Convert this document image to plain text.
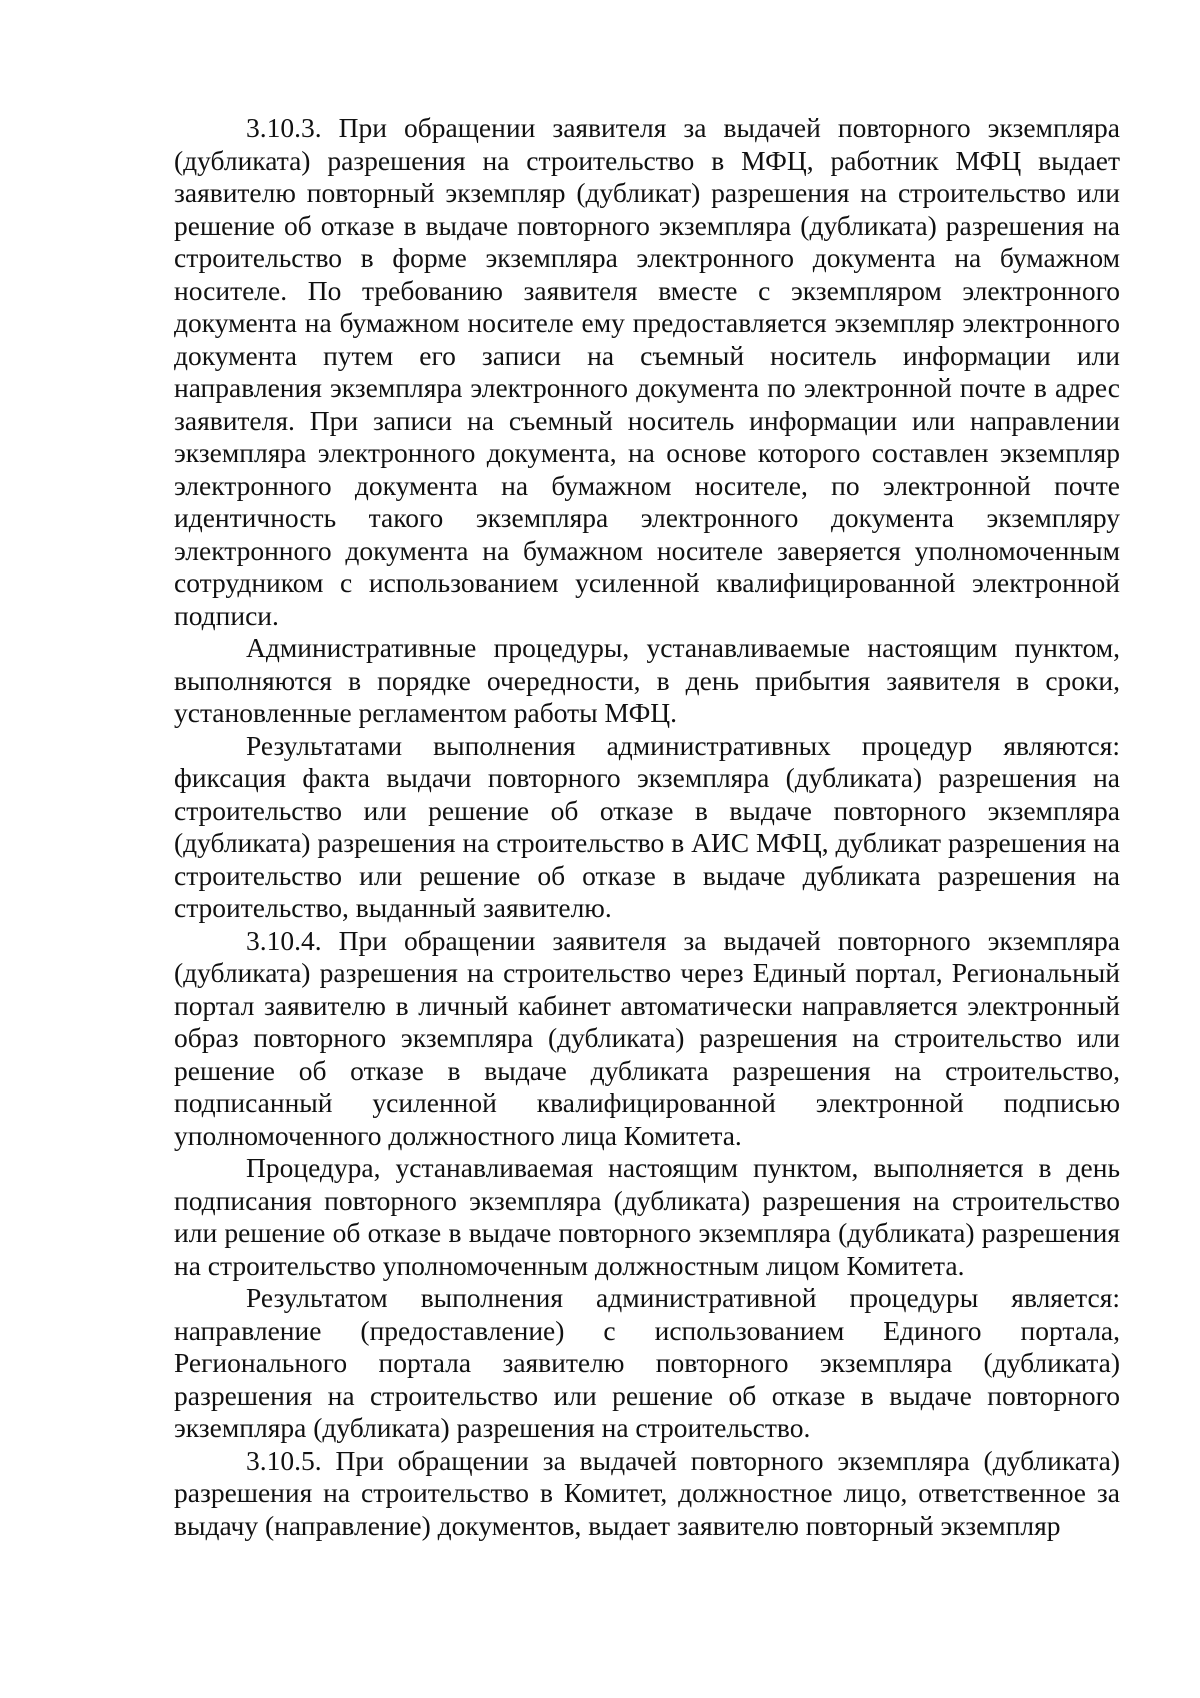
3.10.3. При обращении заявителя за выдачей повторного экземпляра (дубликата) разрешения на строительство в МФЦ, работник МФЦ выдает заявителю повторный экземпляр (дубликат) разрешения на строительство или решение об отказе в выдаче повторного экземпляра (дубликата) разрешения на строительство в форме экземпляра электронного документа на бумажном носителе. По требованию заявителя вместе с экземпляром электронного документа на бумажном носителе ему предоставляется экземпляр электронного документа путем его записи на съемный носитель информации или направления экземпляра электронного документа по электронной почте в адрес заявителя. При записи на съемный носитель информации или направлении экземпляра электронного документа, на основе которого составлен экземпляр электронного документа на бумажном носителе, по электронной почте идентичность такого экземпляра электронного документа экземпляру электронного документа на бумажном носителе заверяется уполномоченным сотрудником с использованием усиленной квалифицированной электронной подписи.

Административные процедуры, устанавливаемые настоящим пунктом, выполняются в порядке очередности, в день прибытия заявителя в сроки, установленные регламентом работы МФЦ.

Результатами выполнения административных процедур являются: фиксация факта выдачи повторного экземпляра (дубликата) разрешения на строительство или решение об отказе в выдаче повторного экземпляра (дубликата) разрешения на строительство в АИС МФЦ, дубликат разрешения на строительство или решение об отказе в выдаче дубликата разрешения на строительство, выданный заявителю.

3.10.4. При обращении заявителя за выдачей повторного экземпляра (дубликата) разрешения на строительство через Единый портал, Региональный портал заявителю в личный кабинет автоматически направляется электронный образ повторного экземпляра (дубликата) разрешения на строительство или решение об отказе в выдаче дубликата разрешения на строительство, подписанный усиленной квалифицированной электронной подписью уполномоченного должностного лица Комитета.

Процедура, устанавливаемая настоящим пунктом, выполняется в день подписания повторного экземпляра (дубликата) разрешения на строительство или решение об отказе в выдаче повторного экземпляра (дубликата) разрешения на строительство уполномоченным должностным лицом Комитета.

Результатом выполнения административной процедуры является: направление (предоставление) с использованием Единого портала, Регионального портала заявителю повторного экземпляра (дубликата) разрешения на строительство или решение об отказе в выдаче повторного экземпляра (дубликата) разрешения на строительство.

3.10.5. При обращении за выдачей повторного экземпляра (дубликата) разрешения на строительство в Комитет, должностное лицо, ответственное за выдачу (направление) документов, выдает заявителю повторный экземпляр
